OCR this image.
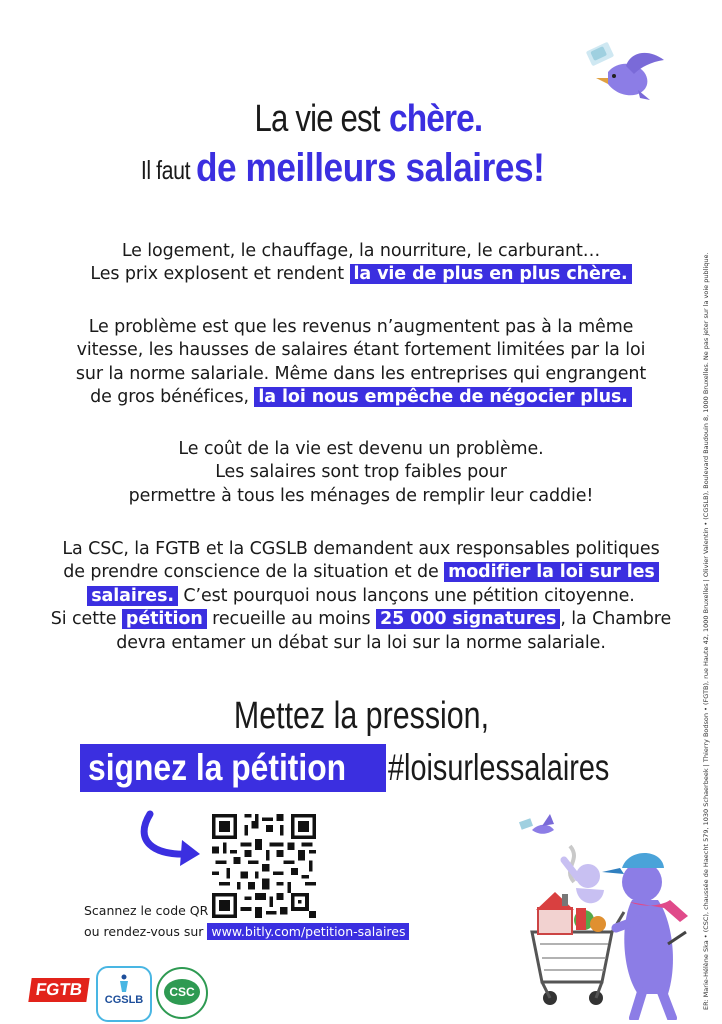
La vie est chère.
Il faut de meilleurs salaires!
Le logement, le chauffage, la nourriture, le carburant…
Les prix explosent et rendent la vie de plus en plus chère.
Le problème est que les revenus n’augmentent pas à la même
vitesse, les hausses de salaires étant fortement limitées par la loi
sur la norme salariale. Même dans les entreprises qui engrangent
de gros bénéfices, la loi nous empêche de négocier plus.
Le coût de la vie est devenu un problème.
Les salaires sont trop faibles pour
permettre à tous les ménages de remplir leur caddie!
La CSC, la FGTB et la CGSLB demandent aux responsables politiques
de prendre conscience de la situation et de modifier la loi sur les salaires. C’est pourquoi nous lançons une pétition citoyenne.
Si cette pétition recueille au moins 25 000 signatures , la Chambre
devra entamer un débat sur la loi sur la norme salariale.
Mettez la pression,
signez la pétition #loisurlessalaires
Scannez le code QR
ou rendez-vous sur www.bitly.com/petition-salaires	ER: Marie-Hélène Ska • (CSC), chaussée de Haecht 579, 1030 Schaerbeek | Thierry Bodson • (FGTB), rue Haute 42, 1000 Bruxelles | Olivier Valentin • (CGSLB), Boulevard Baudouin 8, 1000 Bruxelles. Ne pas jeter sur la voie publique.
FGTB
CGSLB
CSC
